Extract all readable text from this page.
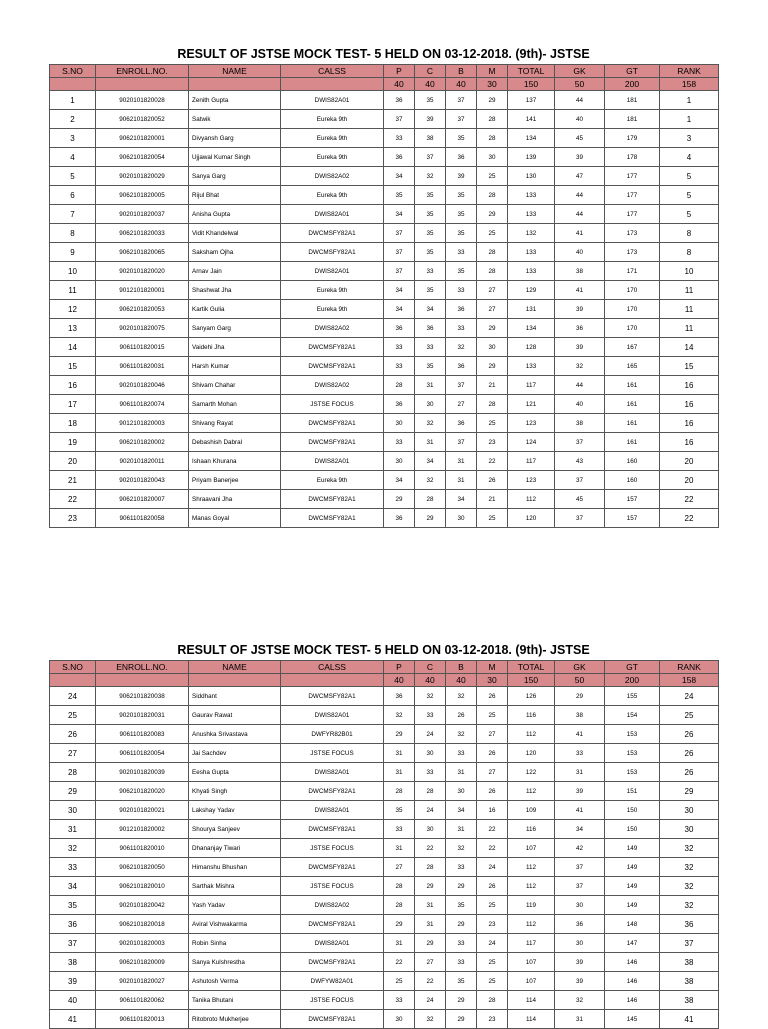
RESULT OF JSTSE MOCK TEST- 5 HELD ON 03-12-2018. (9th)- JSTSE
S.NO	ENROLL.NO.	NAME	CALSS	P	C	B	M	TOTAL	GK	GT	RANK
				40	40	40	30	150	50	200	158
1	9020101820028	Zenith Gupta	DWIS82A01	36	35	37	29	137	44	181	1
2	9062101820052	Satwik	Eureka 9th	37	39	37	28	141	40	181	1
3	9062101820001	Divyansh Garg	Eureka 9th	33	38	35	28	134	45	179	3
4	9062101820054	Ujjawal Kumar Singh	Eureka 9th	36	37	36	30	139	39	178	4
5	9020101820029	Sanya Garg	DWIS82A02	34	32	39	25	130	47	177	5
6	9062101820005	Rijul Bhat	Eureka 9th	35	35	35	28	133	44	177	5
7	9020101820037	Anisha Gupta	DWIS82A01	34	35	35	29	133	44	177	5
8	9062101820033	Vidit Khandelwal	DWCMSFY82A1	37	35	35	25	132	41	173	8
9	9062101820065	Saksham Ojha	DWCMSFY82A1	37	35	33	28	133	40	173	8
10	9020101820020	Arnav Jain	DWIS82A01	37	33	35	28	133	38	171	10
11	9012101820001	Shashwat Jha	Eureka 9th	34	35	33	27	129	41	170	11
12	9062101820053	Kartik Gulia	Eureka 9th	34	34	36	27	131	39	170	11
13	9020101820075	Sanyam Garg	DWIS82A02	36	36	33	29	134	36	170	11
14	9061101820015	Vaidehi Jha	DWCMSFY82A1	33	33	32	30	128	39	167	14
15	9061101820031	Harsh Kumar	DWCMSFY82A1	33	35	36	29	133	32	165	15
16	9020101820046	Shivam Chahar	DWIS82A02	28	31	37	21	117	44	161	16
17	9061101820074	Samarth Mohan	JSTSE FOCUS	36	30	27	28	121	40	161	16
18	9012101820003	Shivang Rayat	DWCMSFY82A1	30	32	36	25	123	38	161	16
19	9062101820002	Debashish Dabral	DWCMSFY82A1	33	31	37	23	124	37	161	16
20	9020101820011	Ishaan Khurana	DWIS82A01	30	34	31	22	117	43	160	20
21	9020101820043	Priyam Banerjee	Eureka 9th	34	32	31	26	123	37	160	20
22	9062101820007	Shraavani Jha	DWCMSFY82A1	29	28	34	21	112	45	157	22
23	9061101820058	Manas Goyal	DWCMSFY82A1	36	29	30	25	120	37	157	22
RESULT OF JSTSE MOCK TEST- 5 HELD ON 03-12-2018. (9th)- JSTSE
S.NO	ENROLL.NO.	NAME	CALSS	P	C	B	M	TOTAL	GK	GT	RANK
				40	40	40	30	150	50	200	158
24	9062101820038	Siddhant	DWCMSFY82A1	36	32	32	26	126	29	155	24
25	9020101820031	Gaurav Rawat	DWIS82A01	32	33	26	25	116	38	154	25
26	9061101820083	Anushka Srivastava	DWFYR82B01	29	24	32	27	112	41	153	26
27	9061101820054	Jai Sachdev	JSTSE FOCUS	31	30	33	26	120	33	153	26
28	9020101820039	Eesha Gupta	DWIS82A01	31	33	31	27	122	31	153	26
29	9062101820020	Khyati Singh	DWCMSFY82A1	28	28	30	26	112	39	151	29
30	9020101820021	Lakshay Yadav	DWIS82A01	35	24	34	16	109	41	150	30
31	9012101820002	Shourya Sanjeev	DWCMSFY82A1	33	30	31	22	116	34	150	30
32	9061101820010	Dhananjay Tiwari	JSTSE FOCUS	31	22	32	22	107	42	149	32
33	9062101820050	Himanshu Bhushan	DWCMSFY82A1	27	28	33	24	112	37	149	32
34	9062101820010	Sarthak Mishra	JSTSE FOCUS	28	29	29	26	112	37	149	32
35	9020101820042	Yash Yadav	DWIS82A02	28	31	35	25	119	30	149	32
36	9062101820018	Aviral Vishwakarma	DWCMSFY82A1	29	31	29	23	112	36	148	36
37	9020101820003	Robin Sinha	DWIS82A01	31	29	33	24	117	30	147	37
38	9062101820009	Sanya Kulshrestha	DWCMSFY82A1	22	27	33	25	107	39	146	38
39	9020101820027	Ashutosh Verma	DWFYW82A01	25	22	35	25	107	39	146	38
40	9061101820062	Tanika Bhutani	JSTSE FOCUS	33	24	29	28	114	32	146	38
41	9061101820013	Ritobroto Mukherjee	DWCMSFY82A1	30	32	29	23	114	31	145	41
